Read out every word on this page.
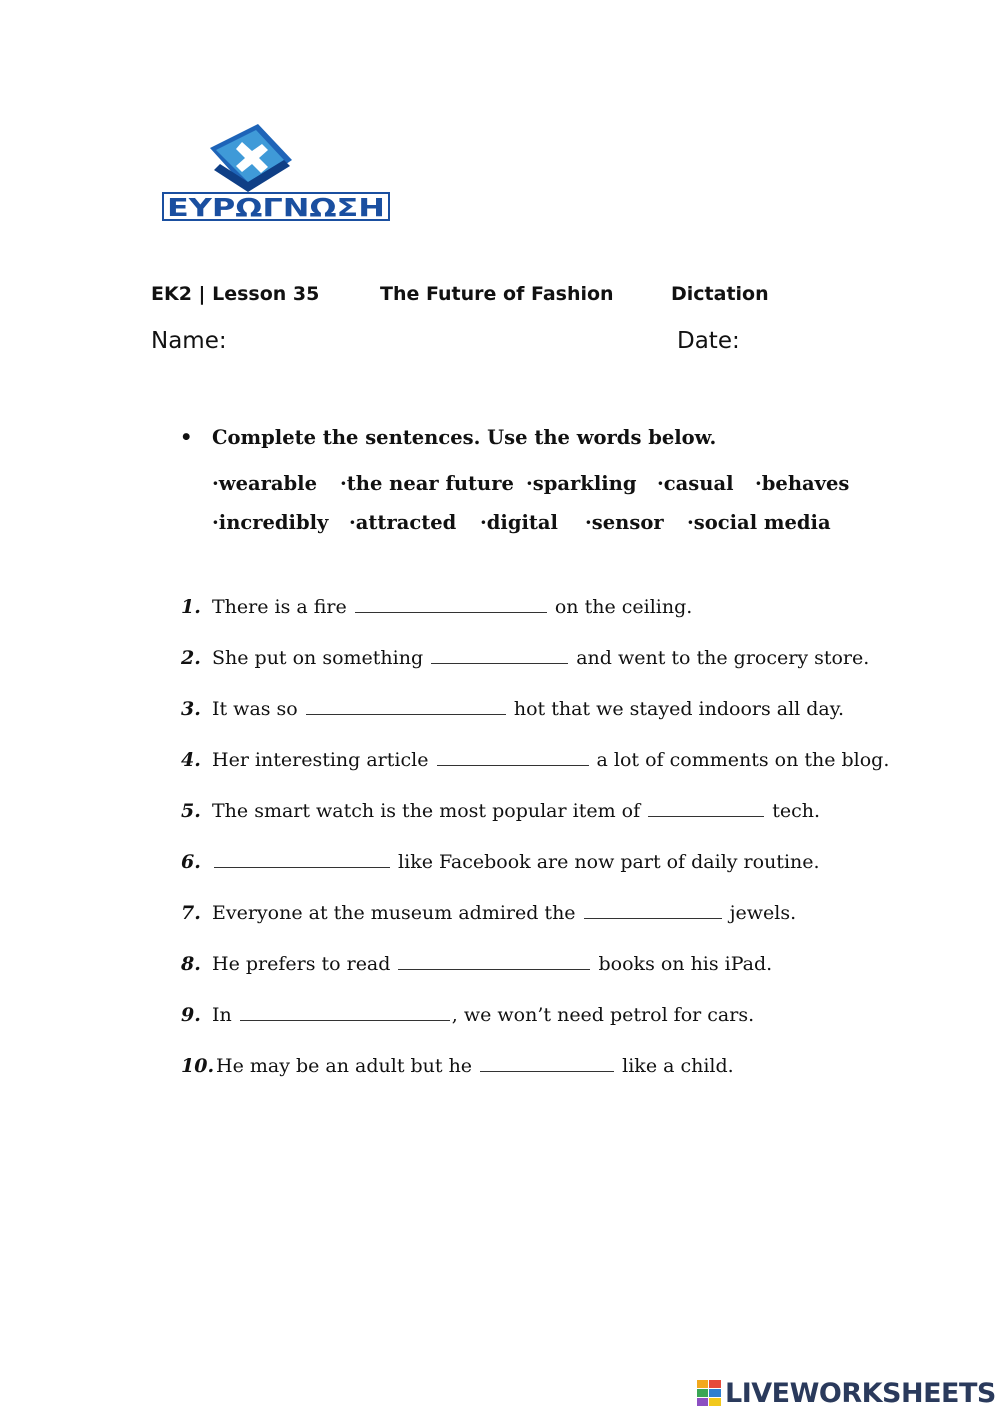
ΕΥΡΩΓΝΩΣΗ
EK2 | Lesson 35	The Future of Fashion	Dictation
Name:	Date:
• Complete the sentences. Use the words below.
·wearable ·the near future ·sparkling ·casual ·behaves
·incredibly ·attracted ·digital ·sensor ·social media
1. There is a fire	on the ceiling.
2. She put on something	and went to the grocery store.
3. It was so	hot that we stayed indoors all day.
4. Her interesting article	a lot of comments on the blog.
5. The smart watch is the most popular item of	tech.
6.	like Facebook are now part of daily routine.
7. Everyone at the museum admired the	jewels.
8. He prefers to read	books on his iPad.
9. In	, we won’t need petrol for cars.
10. He may be an adult but he	like a child.
LIVEWORKSHEETS
